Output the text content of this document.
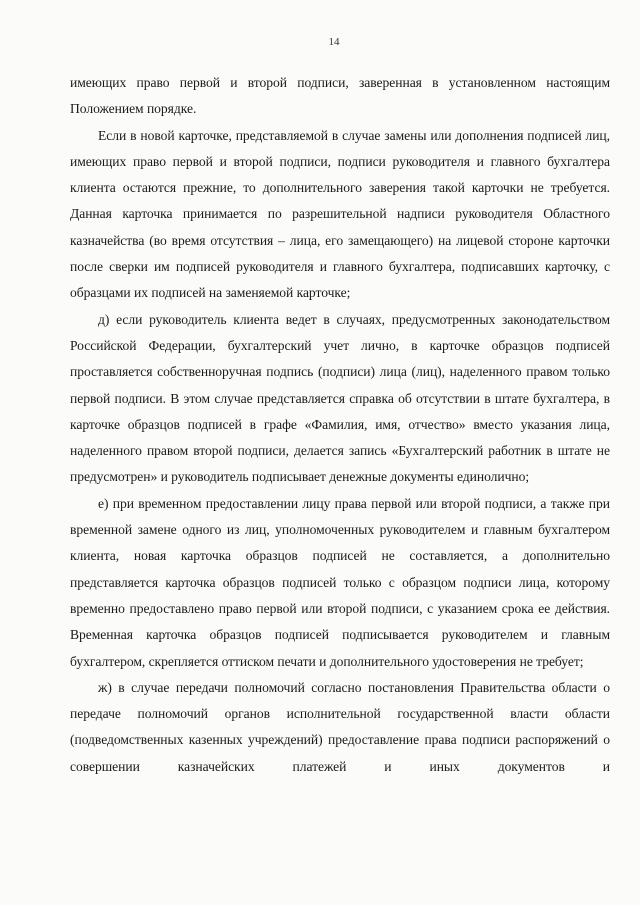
14

имеющих право первой и второй подписи, заверенная в установленном настоящим Положением порядке.

Если в новой карточке, представляемой в случае замены или дополнения подписей лиц, имеющих право первой и второй подписи, подписи руководителя и главного бухгалтера клиента остаются прежние, то дополнительного заверения такой карточки не требуется. Данная карточка принимается по разрешительной надписи руководителя Областного казначейства (во время отсутствия – лица, его замещающего) на лицевой стороне карточки после сверки им подписей руководителя и главного бухгалтера, подписавших карточку, с образцами их подписей на заменяемой карточке;

д) если руководитель клиента ведет в случаях, предусмотренных законодательством Российской Федерации, бухгалтерский учет лично, в карточке образцов подписей проставляется собственноручная подпись (подписи) лица (лиц), наделенного правом только первой подписи. В этом случае представляется справка об отсутствии в штате бухгалтера, в карточке образцов подписей в графе «Фамилия, имя, отчество» вместо указания лица, наделенного правом второй подписи, делается запись «Бухгалтерский работник в штате не предусмотрен» и руководитель подписывает денежные документы единолично;

е) при временном предоставлении лицу права первой или второй подписи, а также при временной замене одного из лиц, уполномоченных руководителем и главным бухгалтером клиента, новая карточка образцов подписей не составляется, а дополнительно представляется карточка образцов подписей только с образцом подписи лица, которому временно предоставлено право первой или второй подписи, с указанием срока ее действия. Временная карточка образцов подписей подписывается руководителем и главным бухгалтером, скрепляется оттиском печати и дополнительного удостоверения не требует;

ж) в случае передачи полномочий согласно постановления Правительства области о передаче полномочий органов исполнительной государственной власти области (подведомственных казенных учреждений) предоставление права подписи распоряжений о совершении казначейских платежей и иных документов и
